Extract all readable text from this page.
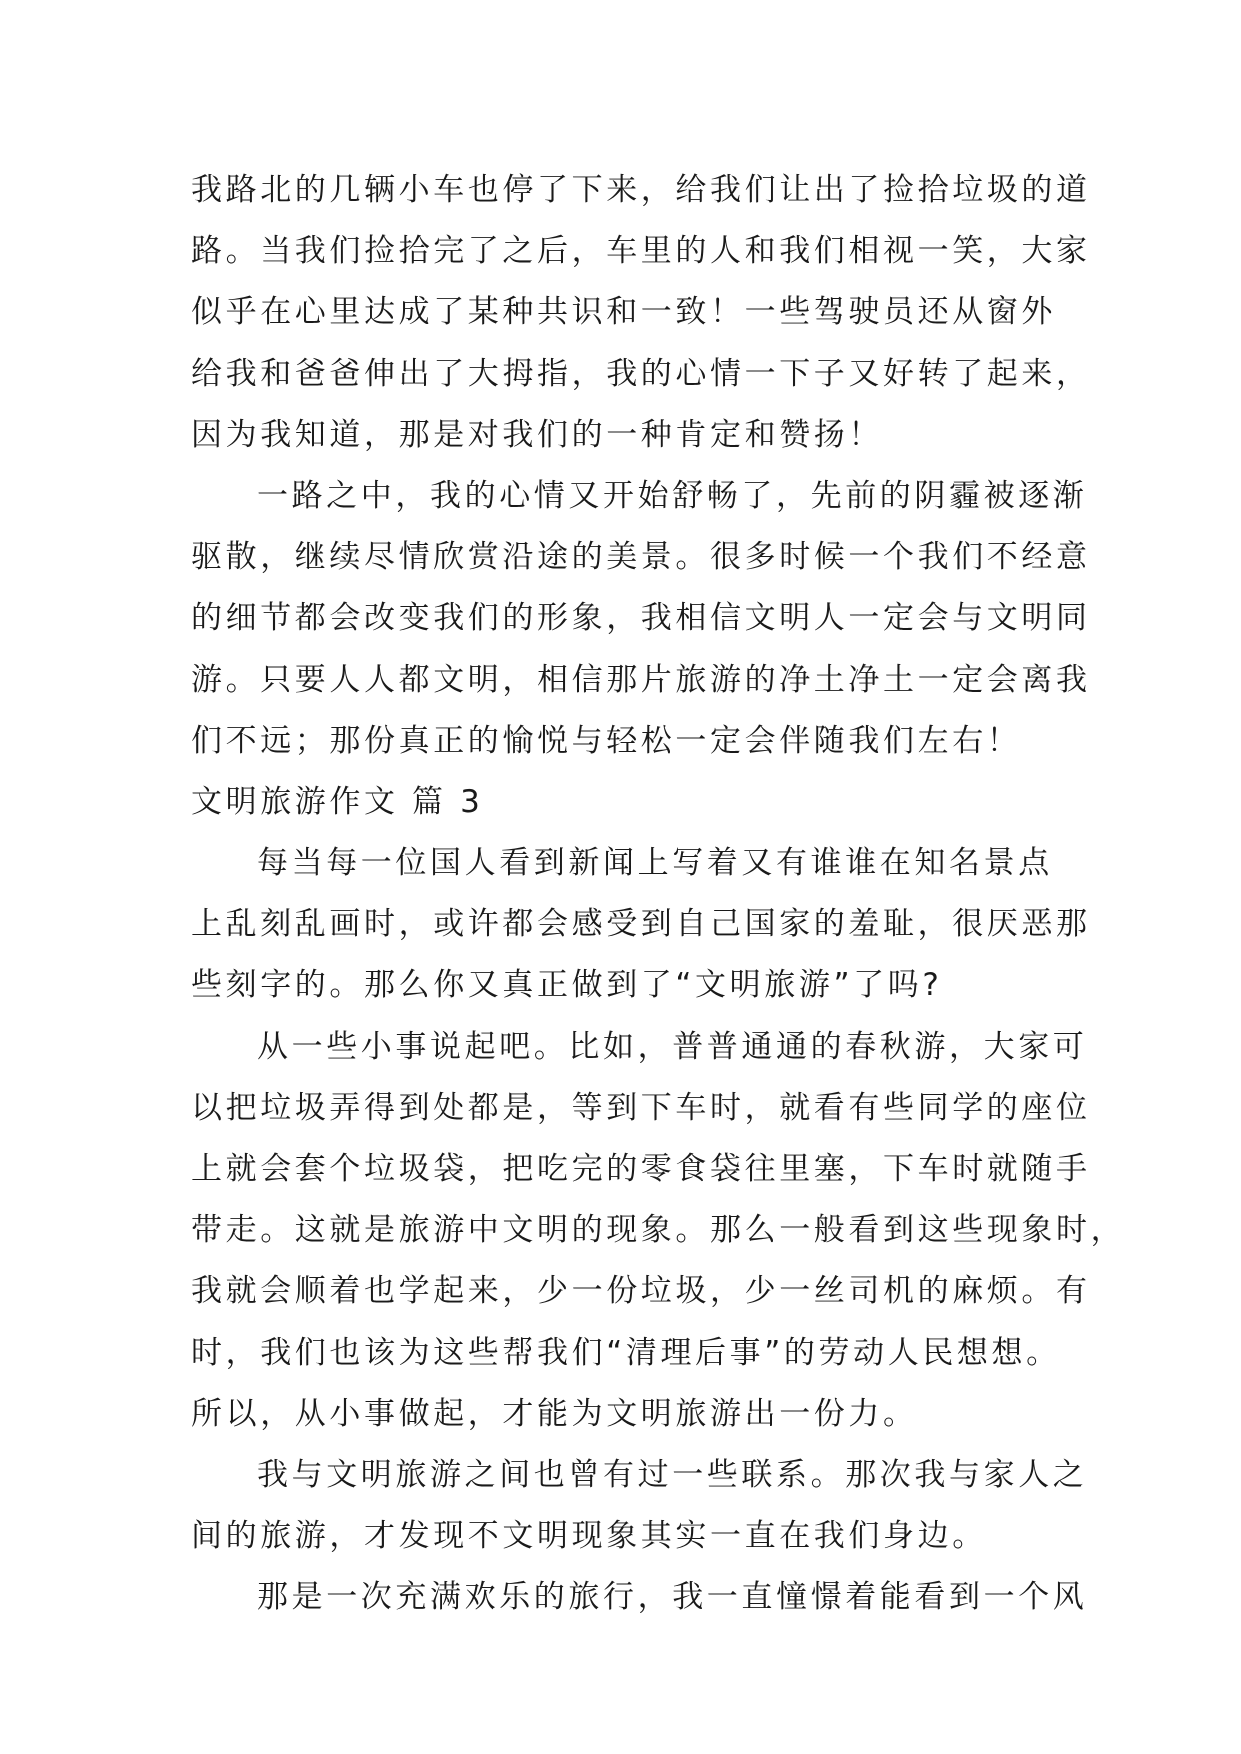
我路北的几辆小车也停了下来，给我们让出了捡拾垃圾的道
路。当我们捡拾完了之后，车里的人和我们相视一笑，大家
似乎在心里达成了某种共识和一致！一些驾驶员还从窗外
给我和爸爸伸出了大拇指，我的心情一下子又好转了起来，
因为我知道，那是对我们的一种肯定和赞扬！
一路之中，我的心情又开始舒畅了，先前的阴霾被逐渐
驱散，继续尽情欣赏沿途的美景。很多时候一个我们不经意
的细节都会改变我们的形象，我相信文明人一定会与文明同
游。只要人人都文明，相信那片旅游的净土净土一定会离我
们不远；那份真正的愉悦与轻松一定会伴随我们左右！
文明旅游作文 篇 3
每当每一位国人看到新闻上写着又有谁谁在知名景点
上乱刻乱画时，或许都会感受到自己国家的羞耻，很厌恶那
些刻字的。那么你又真正做到了“文明旅游”了吗?
从一些小事说起吧。比如，普普通通的春秋游，大家可
以把垃圾弄得到处都是，等到下车时，就看有些同学的座位
上就会套个垃圾袋，把吃完的零食袋往里塞，下车时就随手
带走。这就是旅游中文明的现象。那么一般看到这些现象时，
我就会顺着也学起来，少一份垃圾，少一丝司机的麻烦。有
时，我们也该为这些帮我们“清理后事”的劳动人民想想。
所以，从小事做起，才能为文明旅游出一份力。
我与文明旅游之间也曾有过一些联系。那次我与家人之
间的旅游，才发现不文明现象其实一直在我们身边。
那是一次充满欢乐的旅行，我一直憧憬着能看到一个风
